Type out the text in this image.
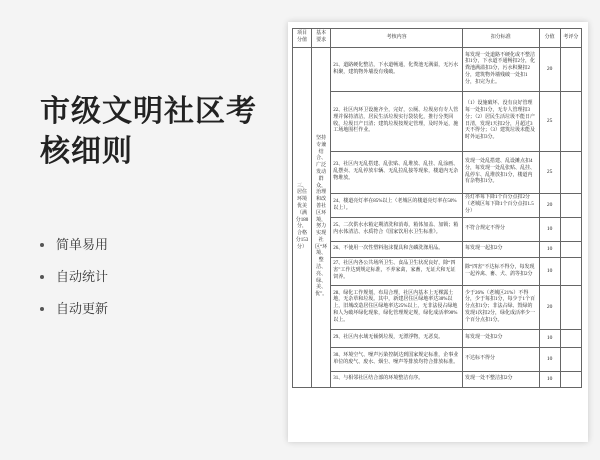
市级文明社区考核细则
简单易用
自动统计
自动更新
项目分值	基本要求	考核内容	扣分标准	分值	考评分
三、居住环境优美（满分180分，合格分153分）	坚持专兼结合、广泛发动群众，治理和改善社区环境，努力实现社区“环境、整洁、亮、绿、美、优”。	21、道路硬化整洁，下水道畅通，化粪池无满溢，无污水积聚，建筑物外墙没有残破。	每发现一处道路不硬化或不整洁扣1分，下水道不通畅扣2分，化粪池满溢扣3分，污水积聚扣2分，建筑物外墙残破一处扣1分，扣完为止。	20	
		22、社区内环卫设施齐全，完好，公厕、垃圾房有专人管理并保持清洁，居民生活垃圾实行袋装化，推行分类回收，垃圾日产日清；建筑垃圾按规定管理，及时外运，施工场地围栏作业。	（1）设施破坏、没有良好管理每一处扣1分，无专人管理扣3分；（2）居民生活垃圾不能日产日清，发现1天扣2分，月超过3天不得分；（3）建筑垃圾未能及时外运扣3分。	25	
		23、社区内无乱搭建、乱张贴、乱堆放、乱挂、乱涂画、乱摆卖、无乱停放车辆、无乱拉乱接等现象，楼道内无杂物堆放。	发现一处乱搭建、乱设摊点扣4分，每发现一处乱张贴、乱挂、乱停车、乱堆放扣1分，楼道内有杂物扣1分。	25	
		24、楼道亮灯率在85%以上（老城区的楼道亮灯率在50%以上）。	亮灯率每下降1个百分点扣2分（老城区每下降1个百分点扣1.5分）	20	
		25、二次供水水箱定期清洗和消毒，箱体加盖、加锁；箱内水体清洁、水质符合《国家饮用水卫生标准》。	不符合规定不得分	10	
		26、不使用一次性塑料泡沫餐具和含磷洗涤用品。	每发现一起扣2分	10	
		27、社区内各公共场所卫生、食品卫生状况良好，除“四害”工作达到规定标准，不养家禽，家畜，无证犬和无证饲养。	除“四害”不达标不得分，每发现一起养禽、畜、犬、鸽等扣2分	10	
		28、绿化工作规划，布局合理，社区内基本上无裸露土地，无杂草和垃圾。其中，新建居住区绿地率达30%以上，旧城改造居住区绿地率达25%以上，无非法侵占绿地和人为破坏绿化现象，绿化管理规定规，绿化成活率90%以上。	少于26%（老城区21%）不得分，少于每扣1分，每少于1个百分点扣1分；非法占绿、毁绿的发现1次扣2分，绿化成活率少一个百分点扣1分。	20	
		29、社区内水域无倾倒垃圾，无漂浮物，无恶臭。	每发现一处扣2分	10	
		30、环境空气、噪声污染控制达到国家规定标准，企事业单位的废气、废水、烟尘、噪声等排放均符合排放标准。	不达标不得分	10	
		31、与相邻社区结合部的环境整洁有序。	发现一处不整洁扣2分	10	
